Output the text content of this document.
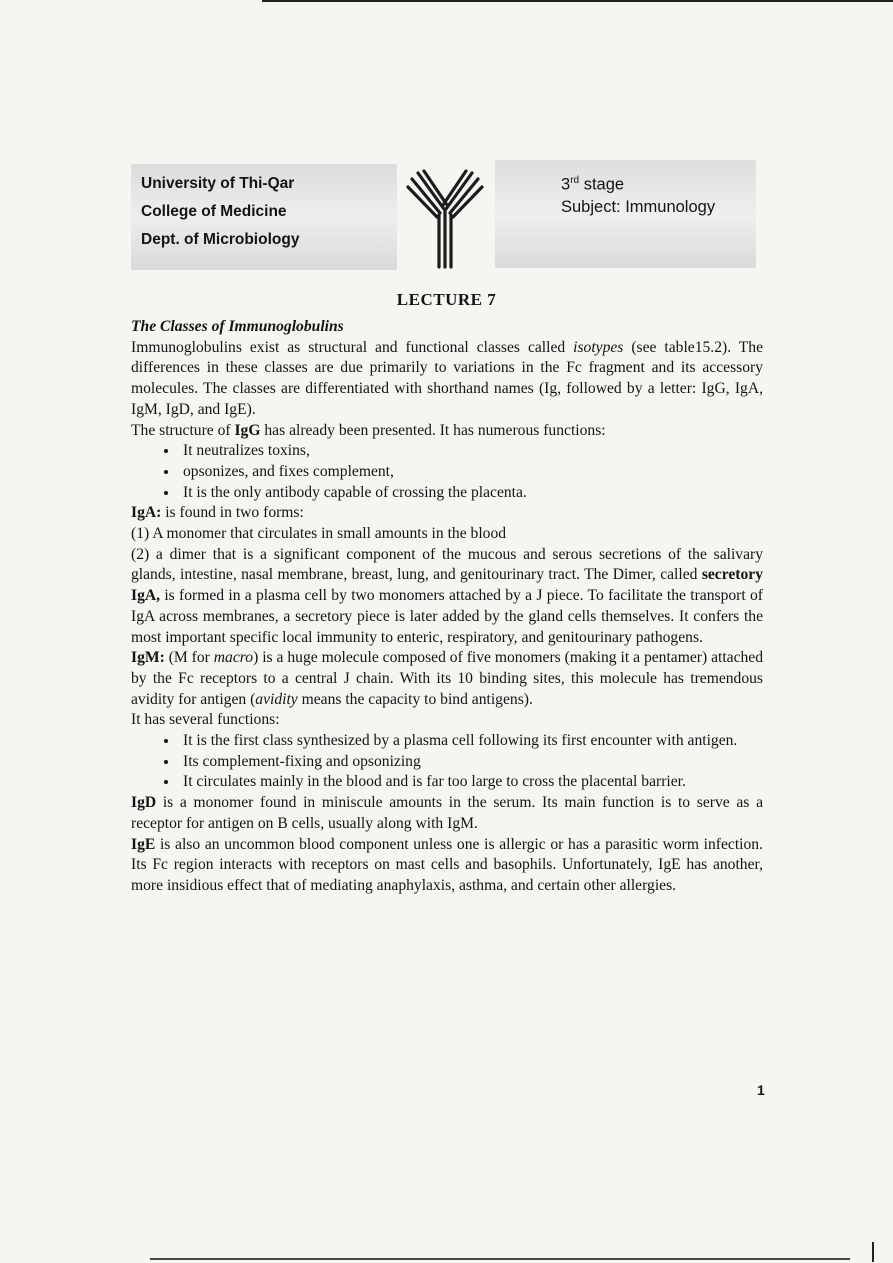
University of Thi-Qar
College of Medicine
Dept. of Microbiology
3rd stage
Subject: Immunology
LECTURE 7

The Classes of Immunoglobulins

Immunoglobulins exist as structural and functional classes called isotypes (see table15.2). The differences in these classes are due primarily to variations in the Fc fragment and its accessory molecules. The classes are differentiated with shorthand names (Ig, followed by a letter: IgG, IgA, IgM, IgD, and IgE).

The structure of IgG has already been presented. It has numerous functions:

• It neutralizes toxins,
• opsonizes, and fixes complement,
• It is the only antibody capable of crossing the placenta.

IgA: is found in two forms:

(1) A monomer that circulates in small amounts in the blood

(2) a dimer that is a significant component of the mucous and serous secretions of the salivary glands, intestine, nasal membrane, breast, lung, and genitourinary tract. The Dimer, called secretory IgA, is formed in a plasma cell by two monomers attached by a J piece. To facilitate the transport of IgA across membranes, a secretory piece is later added by the gland cells themselves. It confers the most important specific local immunity to enteric, respiratory, and genitourinary pathogens.

IgM: (M for macro) is a huge molecule composed of five monomers (making it a pentamer) attached by the Fc receptors to a central J chain. With its 10 binding sites, this molecule has tremendous avidity for antigen (avidity means the capacity to bind antigens).

It has several functions:

• It is the first class synthesized by a plasma cell following its first encounter with antigen.
• Its complement-fixing and opsonizing
• It circulates mainly in the blood and is far too large to cross the placental barrier.

IgD is a monomer found in miniscule amounts in the serum. Its main function is to serve as a receptor for antigen on B cells, usually along with IgM.

IgE is also an uncommon blood component unless one is allergic or has a parasitic worm infection. Its Fc region interacts with receptors on mast cells and basophils. Unfortunately, IgE has another, more insidious effect that of mediating anaphylaxis, asthma, and certain other allergies.

1
